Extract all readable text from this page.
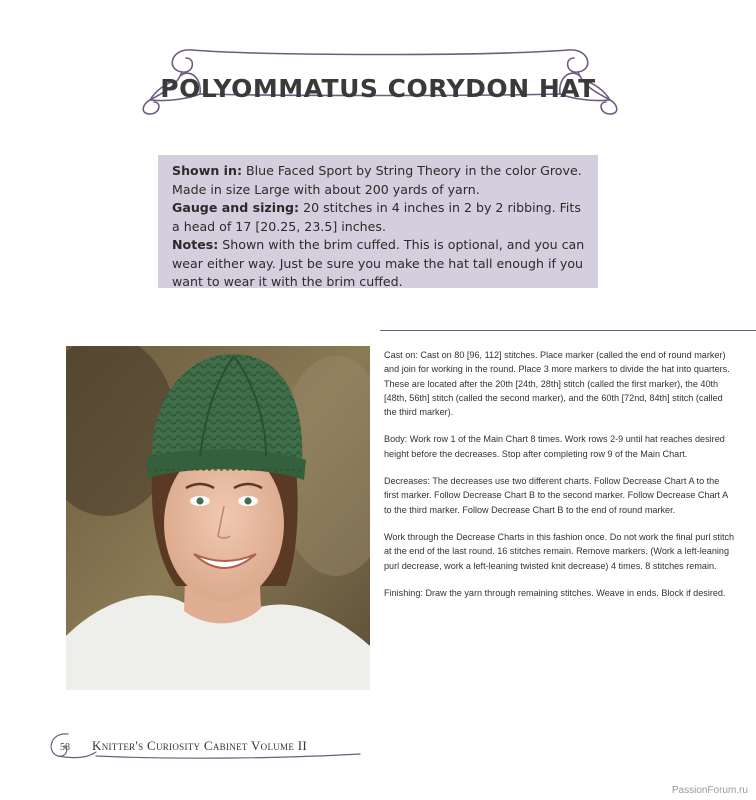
POLYOMMATUS CORYDON HAT
Shown in: Blue Faced Sport by String Theory in the color Grove. Made in size Large with about 200 yards of yarn.
Gauge and sizing: 20 stitches in 4 inches in 2 by 2 ribbing. Fits a head of 17 [20.25, 23.5] inches.
Notes: Shown with the brim cuffed. This is optional, and you can wear either way. Just be sure you make the hat tall enough if you want to wear it with the brim cuffed.

Cast on: Cast on 80 [96, 112] stitches. Place marker (called the end of round marker) and join for working in the round. Place 3 more markers to divide the hat into quarters. These are located after the 20th [24th, 28th] stitch (called the first marker), the 40th [48th, 56th] stitch (called the second marker), and the 60th [72nd, 84th] stitch (called the third marker).

Body: Work row 1 of the Main Chart 8 times. Work rows 2-9 until hat reaches desired height before the decreases. Stop after completing row 9 of the Main Chart.

Decreases: The decreases use two different charts. Follow Decrease Chart A to the first marker. Follow Decrease Chart B to the second marker. Follow Decrease Chart A to the third marker. Follow Decrease Chart B to the end of round marker.

Work through the Decrease Charts in this fashion once. Do not work the final purl stitch at the end of the last round. 16 stitches remain. Remove markers. (Work a left-leaning purl decrease, work a left-leaning twisted knit decrease) 4 times. 8 stitches remain.

Finishing: Draw the yarn through remaining stitches. Weave in ends. Block if desired.

58 Knitter's Curiosity Cabinet Volume II
PassionForum.ru
